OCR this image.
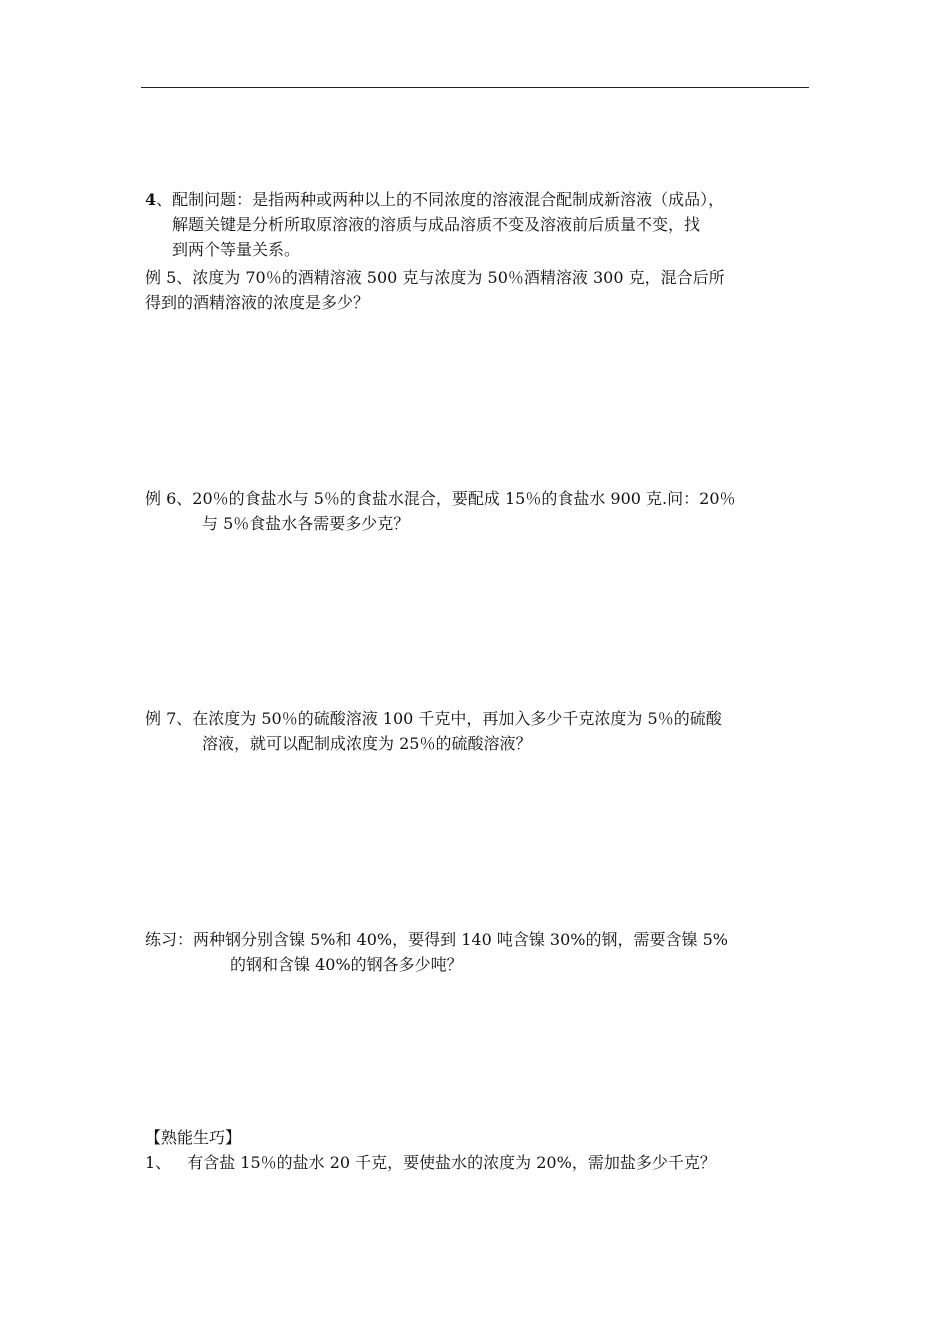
4、配制问题：是指两种或两种以上的不同浓度的溶液混合配制成新溶液（成品），
解题关键是分析所取原溶液的溶质与成品溶质不变及溶液前后质量不变，找
到两个等量关系。
例 5、浓度为 70％的酒精溶液 500 克与浓度为 50％酒精溶液 300 克，混合后所
得到的酒精溶液的浓度是多少？
例 6、20％的食盐水与 5％的食盐水混合，要配成 15％的食盐水 900 克.问：20％
与 5％食盐水各需要多少克？
例 7、在浓度为 50％的硫酸溶液 100 千克中，再加入多少千克浓度为 5％的硫酸
溶液，就可以配制成浓度为 25％的硫酸溶液？
练习：两种钢分别含镍 5%和 40%，要得到 140 吨含镍 30%的钢，需要含镍 5%
的钢和含镍 40%的钢各多少吨？
【熟能生巧】
1、 有含盐 15％的盐水 20 千克，要使盐水的浓度为 20%，需加盐多少千克？
